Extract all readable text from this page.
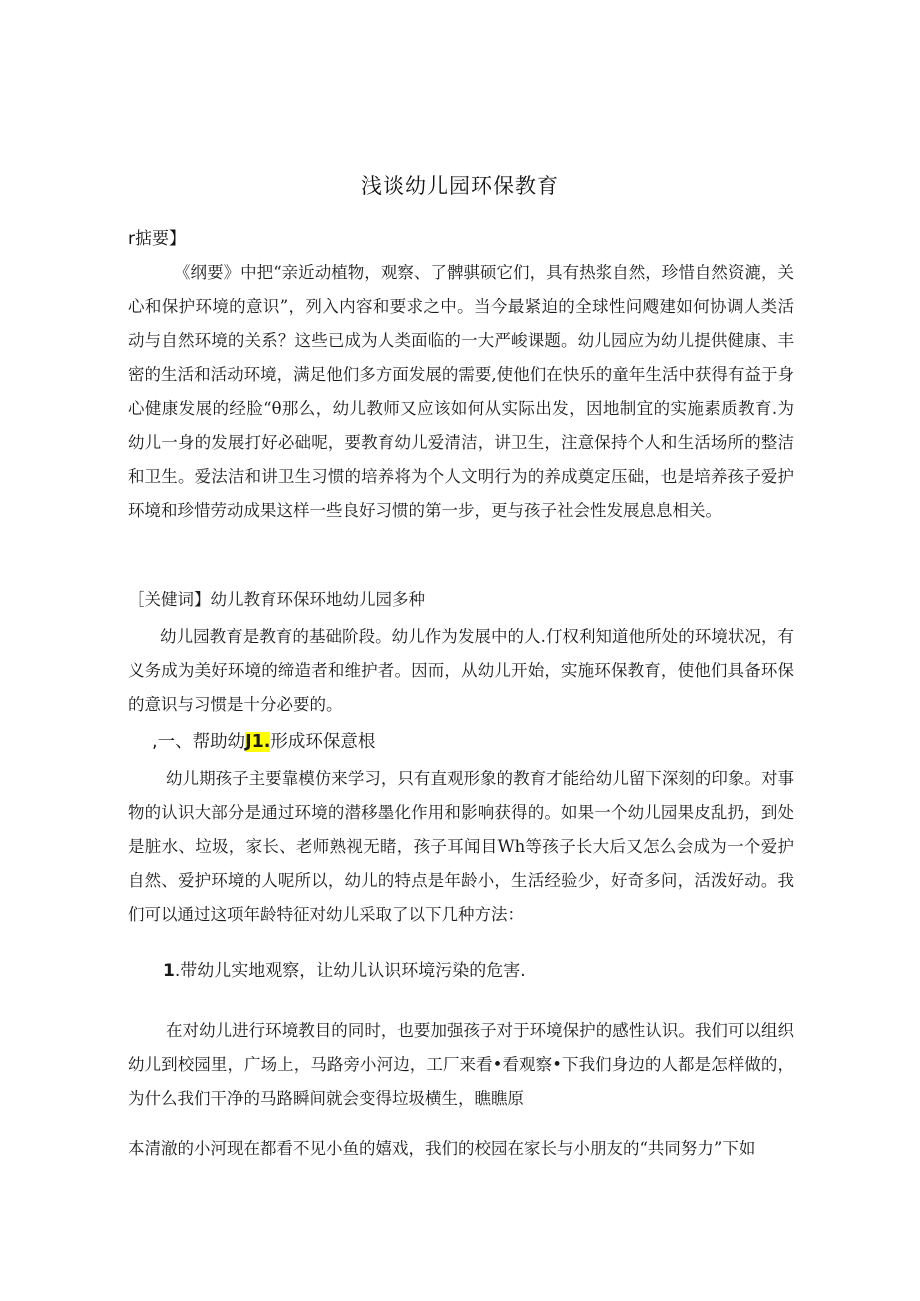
浅谈幼儿园环保教育
r掂要】

《纲要》中把“亲近动植物，观察、了髀骐硕它们，具有热浆自然，珍惜自然资漉，关心和保护环境的意识”，列入内容和要求之中。当今最紧迫的全球性问飕建如何协调人类活动与自然环境的关系？这些已成为人类面临的一大严峻课题。幼儿园应为幼儿提供健康、丰密的生活和活动环境，满足他们多方面发展的需要,使他们在快乐的童年生活中获得有益于身心健康发展的经脸“θ那么，幼儿教师又应该如何从实际出发，因地制宜的实施素质教育.为幼儿一身的发展打好必础呢，要教育幼儿爱清洁，讲卫生，注意保持个人和生活场所的整洁和卫生。爱法洁和讲卫生习惯的培养将为个人文明行为的养成奠定压础，也是培养孩子爱护环境和珍惜劳动成果这样一些良好习惯的第一步，更与孩子社会性发展息息相关。

［关健词】幼儿教育环保环地幼儿园多种

幼儿园教育是教育的基础阶段。幼儿作为发展中的人.仃权利知道他所处的环境状况，有义务成为美好环境的缔造者和维护者。因而，从幼儿开始，实施环保教育，使他们具备环保的意识与习惯是十分必要的。

,一、帮助幼J1.形成环保意根

幼儿期孩子主要靠模仿来学习，只有直观形象的教育才能给幼儿留下深刻的印象。对事物的认识大部分是通过环境的潜移墨化作用和影响获得的。如果一个幼儿园果皮乱扔，到处是脏水、垃圾，家长、老师熟视无睹，孩子耳闻目Wh等孩子长大后又怎么会成为一个爱护自然、爱护环境的人呢所以，幼儿的特点是年龄小，生活经验少，好奇多问，活泼好动。我们可以通过这项年龄特征对幼儿采取了以下几种方法：

1.带幼儿实地观察，让幼儿认识环境污染的危害.

在对幼儿进行环境教目的同时，也要加强孩子对于环境保护的感性认识。我们可以组织幼儿到校园里，广场上，马路旁小河边，工厂来看•看观察•下我们身边的人都是怎样做的，为什么我们干净的马路瞬间就会变得垃圾横生，瞧瞧原

本清澈的小河现在都看不见小鱼的嬉戏，我们的校园在家长与小朋友的“共同努力”下如
